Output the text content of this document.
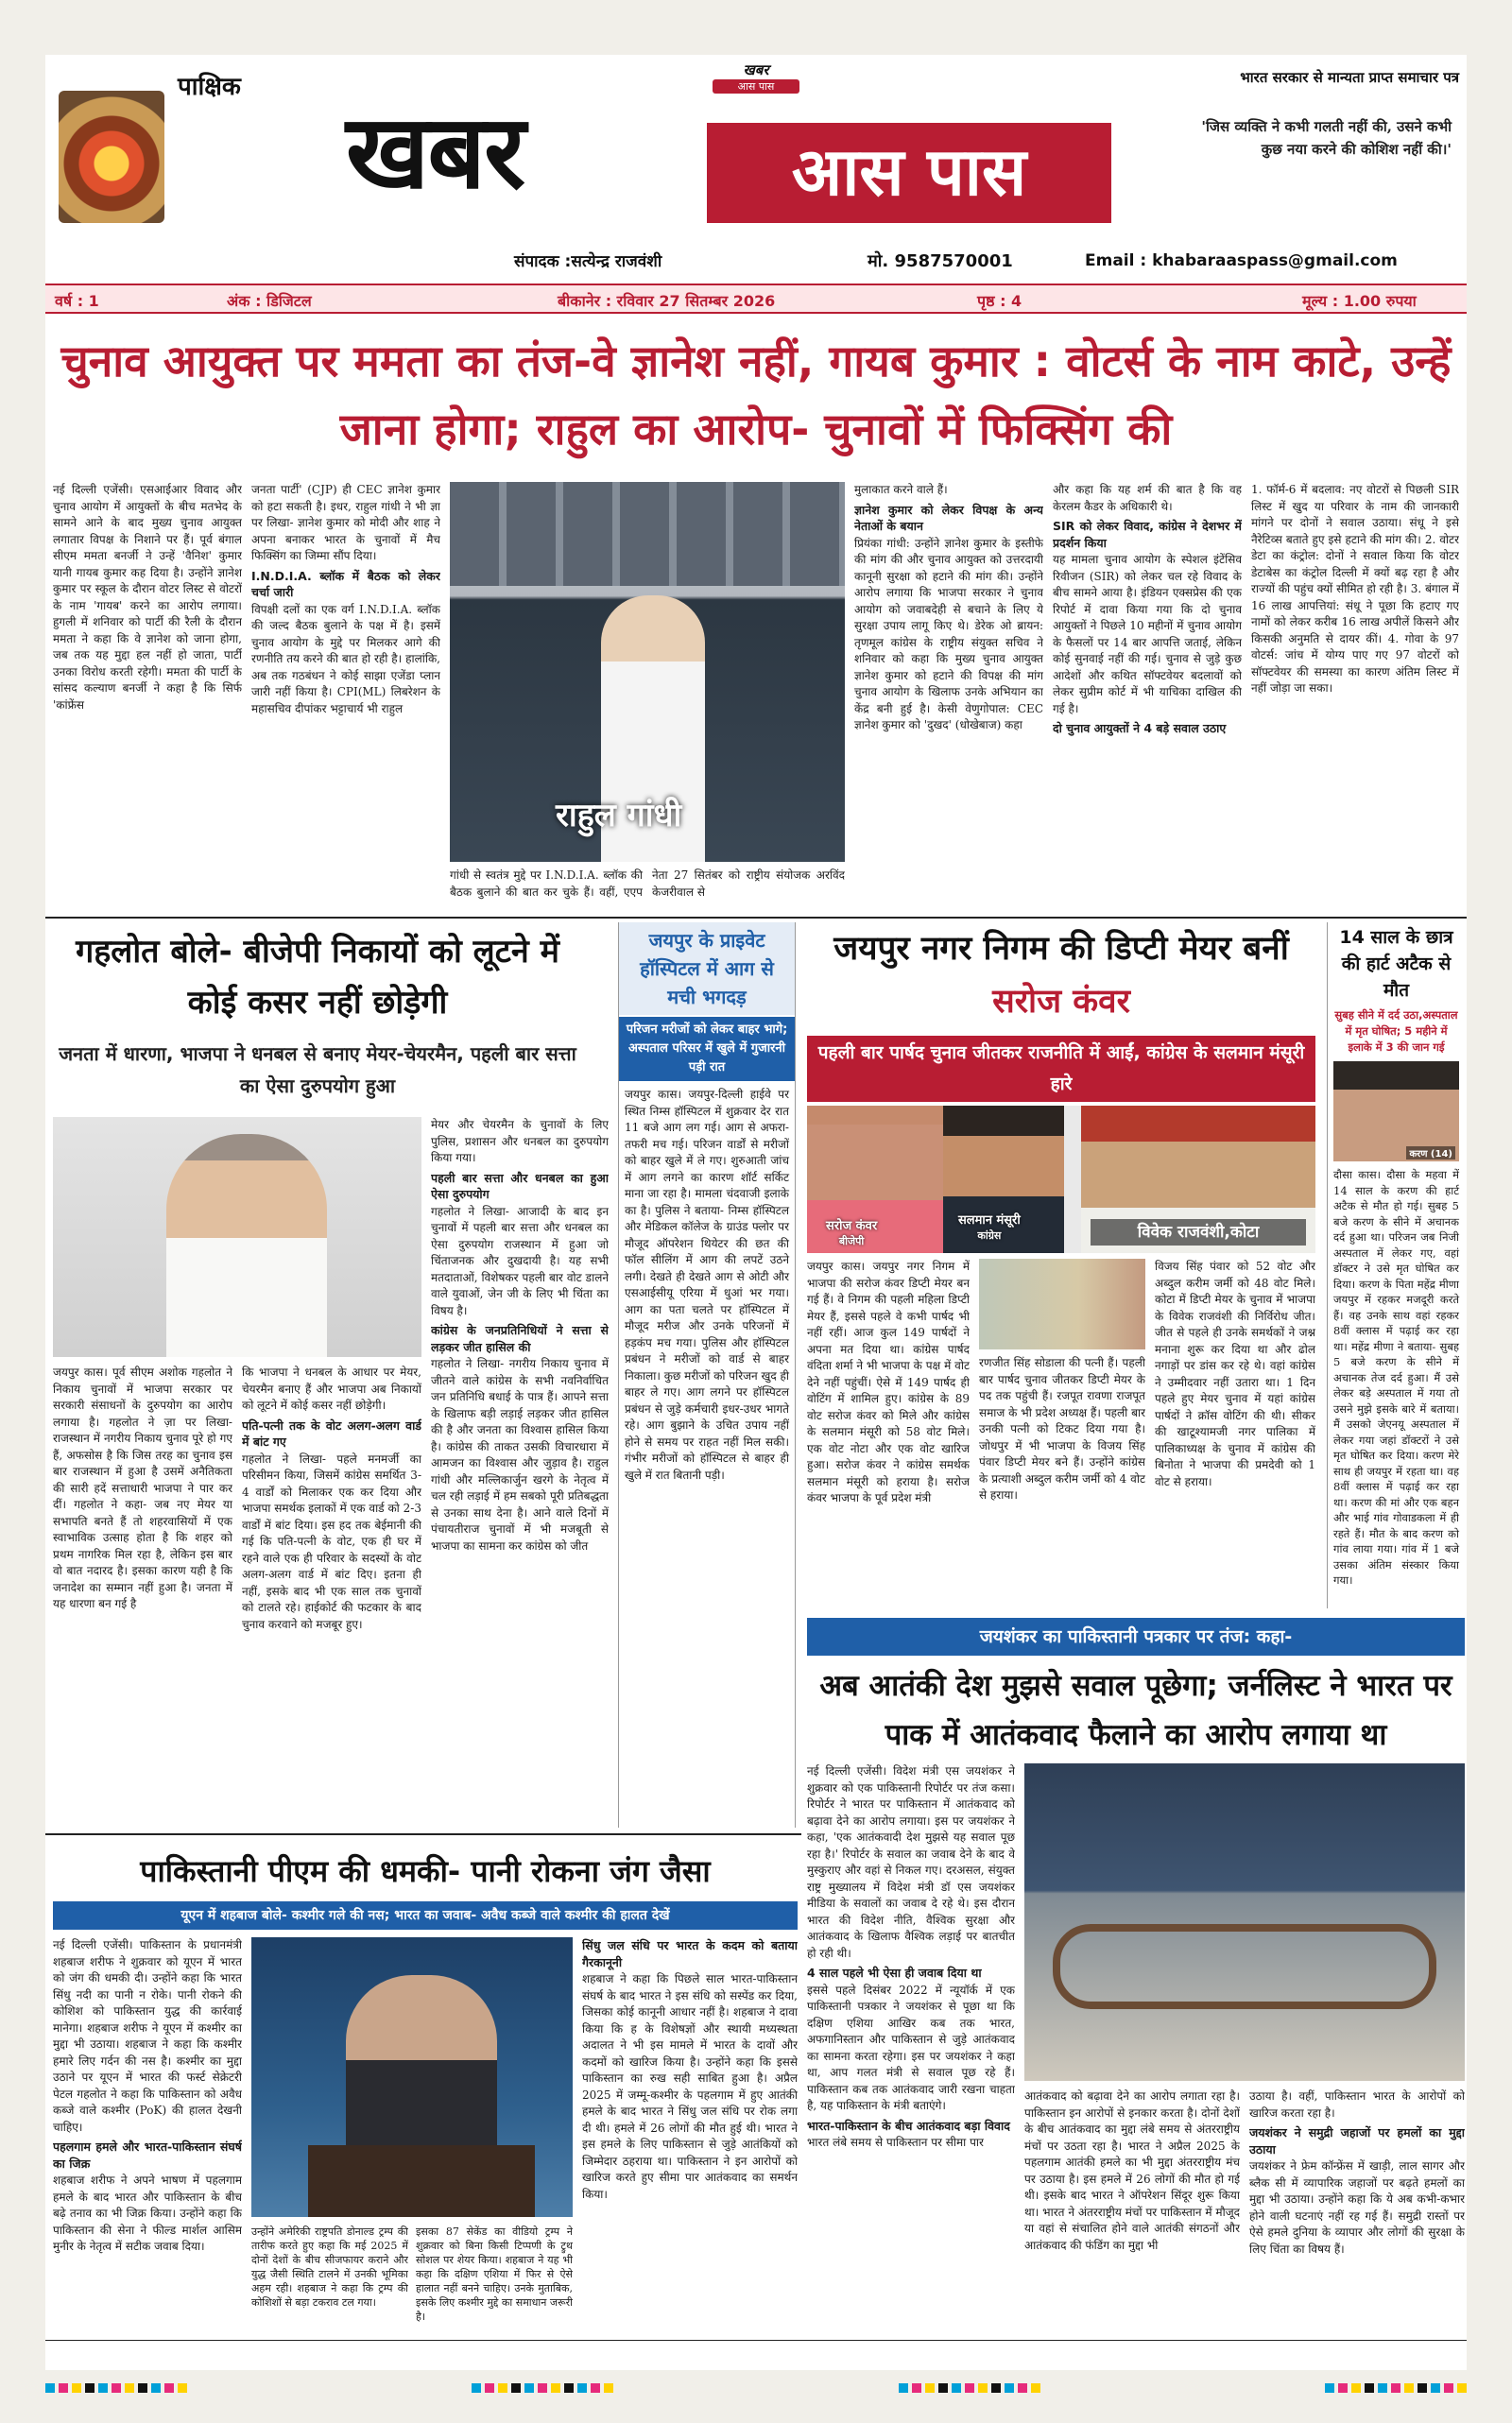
पाक्षिक
खबर
खबर
आस पास
आस पास
भारत सरकार से मान्यता प्राप्त समाचार पत्र
'जिस व्यक्ति ने कभी गलती नहीं की, उसने कभी कुछ नया करने की कोशिश नहीं की।'
संपादक :सत्येन्द्र राजवंशी	मो. 9587570001	Email : khabaraaspass@gmail.com
वर्ष : 1	अंक : डिजिटल	बीकानेर : रविवार 27 सितम्बर 2026	पृष्ठ : 4	मूल्य : 1.00 रुपया
चुनाव आयुक्त पर ममता का तंज-वे ज्ञानेश नहीं, गायब कुमार : वोटर्स के नाम काटे, उन्हें जाना होगा; राहुल का आरोप- चुनावों में फिक्सिंग की
नई दिल्ली एजेंसी। एसआईआर विवाद और चुनाव आयोग में आयुक्तों के बीच मतभेद के सामने आने के बाद मुख्य चुनाव आयुक्त लगातार विपक्ष के निशाने पर हैं। पूर्व बंगाल सीएम ममता बनर्जी ने उन्हें 'वैनिश' कुमार यानी गायब कुमार कह दिया है। उन्होंने ज्ञानेश कुमार पर स्कूल के दौरान वोटर लिस्ट से वोटरों के नाम 'गायब' करने का आरोप लगाया। हुगली में शनिवार को पार्टी की रैली के दौरान ममता ने कहा कि वे ज्ञानेश को जाना होगा, जब तक यह मुद्दा हल नहीं हो जाता, पार्टी उनका विरोध करती रहेगी। ममता की पार्टी के सांसद कल्याण बनर्जी ने कहा है कि सिर्फ 'कांफ्रेंस
जनता पार्टी' (CJP) ही CEC ज्ञानेश कुमार को हटा सकती है। इधर, राहुल गांधी ने भी ज्ञा पर लिखा- ज्ञानेश कुमार को मोदी और शाह ने अपना बनाकर भारत के चुनावों में मैच फिक्सिंग का जिम्मा सौंप दिया।
I.N.D.I.A. ब्लॉक में बैठक को लेकर चर्चा जारी
विपक्षी दलों का एक वर्ग I.N.D.I.A. ब्लॉक की जल्द बैठक बुलाने के पक्ष में है। इसमें चुनाव आयोग के मुद्दे पर मिलकर आगे की रणनीति तय करने की बात हो रही है। हालांकि, अब तक गठबंधन ने कोई साझा एजेंडा प्लान जारी नहीं किया है। CPI(ML) लिबरेशन के महासचिव दीपांकर भट्टाचार्य भी राहुल
राहुल गांधी
गांधी से स्वतंत्र मुद्दे पर I.N.D.I.A. ब्लॉक की बैठक बुलाने की बात कर चुके हैं। वहीं, एएप नेता 27 सितंबर को राष्ट्रीय संयोजक अरविंद केजरीवाल से
मुलाकात करने वाले हैं।
ज्ञानेश कुमार को लेकर विपक्ष के अन्य नेताओं के बयान
प्रियंका गांधी: उन्होंने ज्ञानेश कुमार के इस्तीफे की मांग की और चुनाव आयुक्त को उत्तरदायी कानूनी सुरक्षा को हटाने की मांग की। उन्होंने आरोप लगाया कि भाजपा सरकार ने चुनाव आयोग को जवाबदेही से बचाने के लिए ये सुरक्षा उपाय लागू किए थे। डेरेक ओ ब्रायन: तृणमूल कांग्रेस के राष्ट्रीय संयुक्त सचिव ने शनिवार को कहा कि मुख्य चुनाव आयुक्त ज्ञानेश कुमार को हटाने की विपक्ष की मांग चुनाव आयोग के खिलाफ उनके अभियान का केंद्र बनी हुई है। केसी वेणुगोपाल: CEC ज्ञानेश कुमार को 'दुखद' (धोखेबाज) कहा
और कहा कि यह शर्म की बात है कि वह केरलम कैडर के अधिकारी थे।
SIR को लेकर विवाद, कांग्रेस ने देशभर में प्रदर्शन किया
यह मामला चुनाव आयोग के स्पेशल इंटेंसिव रिवीजन (SIR) को लेकर चल रहे विवाद के बीच सामने आया है। इंडियन एक्सप्रेस की एक रिपोर्ट में दावा किया गया कि दो चुनाव आयुक्तों ने पिछले 10 महीनों में चुनाव आयोग के फैसलों पर 14 बार आपत्ति जताई, लेकिन कोई सुनवाई नहीं की गई। चुनाव से जुड़े कुछ आदेशों और कथित सॉफ्टवेयर बदलावों को लेकर सुप्रीम कोर्ट में भी याचिका दाखिल की गई है।
दो चुनाव आयुक्तों ने 4 बड़े सवाल उठाए
1. फॉर्म-6 में बदलाव: नए वोटरों से पिछली SIR लिस्ट में खुद या परिवार के नाम की जानकारी मांगने पर दोनों ने सवाल उठाया। संधू ने इसे नैरेटिव्स बताते हुए इसे हटाने की मांग की। 2. वोटर डेटा का कंट्रोल: दोनों ने सवाल किया कि वोटर डेटाबेस का कंट्रोल दिल्ली में क्यों बढ़ रहा है और राज्यों की पहुंच क्यों सीमित हो रही है। 3. बंगाल में 16 लाख आपत्तियां: संधू ने पूछा कि हटाए गए नामों को लेकर करीब 16 लाख अपीलें किसने और किसकी अनुमति से दायर कीं। 4. गोवा के 97 वोटर्स: जांच में योग्य पाए गए 97 वोटरों को सॉफ्टवेयर की समस्या का कारण अंतिम लिस्ट में नहीं जोड़ा जा सका।
गहलोत बोले- बीजेपी निकायों को लूटने में कोई कसर नहीं छोड़ेगी
जनता में धारणा, भाजपा ने धनबल से बनाए मेयर-चेयरमैन, पहली बार सत्ता का ऐसा दुरुपयोग हुआ
जयपुर कास। पूर्व सीएम अशोक गहलोत ने निकाय चुनावों में भाजपा सरकार पर सरकारी संसाधनों के दुरुपयोग का आरोप लगाया है। गहलोत ने ज़ा पर लिखा- राजस्थान में नगरीय निकाय चुनाव पूरे हो गए हैं, अफसोस है कि जिस तरह का चुनाव इस बार राजस्थान में हुआ है उसमें अनैतिकता की सारी हदें सत्ताधारी भाजपा ने पार कर दीं। गहलोत ने कहा- जब नए मेयर या सभापति बनते हैं तो शहरवासियों में एक स्वाभाविक उत्साह होता है कि शहर को प्रथम नागरिक मिल रहा है, लेकिन इस बार वो बात नदारद है। इसका कारण यही है कि जनादेश का सम्मान नहीं हुआ है। जनता में यह धारणा बन गई है
कि भाजपा ने धनबल के आधार पर मेयर, चेयरमैन बनाए हैं और भाजपा अब निकायों को लूटने में कोई कसर नहीं छोड़ेगी।
पति-पत्नी तक के वोट अलग-अलग वार्ड में बांट गए
गहलोत ने लिखा- पहले मनमर्जी का परिसीमन किया, जिसमें कांग्रेस समर्थित 3-4 वार्डों को मिलाकर एक कर दिया और भाजपा समर्थक इलाकों में एक वार्ड को 2-3 वार्डों में बांट दिया। इस हद तक बेईमानी की गई कि पति-पत्नी के वोट, एक ही घर में रहने वाले एक ही परिवार के सदस्यों के वोट अलग-अलग वार्ड में बांट दिए। इतना ही नहीं, इसके बाद भी एक साल तक चुनावों को टालते रहे। हाईकोर्ट की फटकार के बाद चुनाव करवाने को मजबूर हुए।
मेयर और चेयरमैन के चुनावों के लिए पुलिस, प्रशासन और धनबल का दुरुपयोग किया गया।
पहली बार सत्ता और धनबल का हुआ ऐसा दुरुपयोग
गहलोत ने लिखा- आजादी के बाद इन चुनावों में पहली बार सत्ता और धनबल का ऐसा दुरुपयोग राजस्थान में हुआ जो चिंताजनक और दुखदायी है। यह सभी मतदाताओं, विशेषकर पहली बार वोट डालने वाले युवाओं, जेन जी के लिए भी चिंता का विषय है।
कांग्रेस के जनप्रतिनिधियों ने सत्ता से लड़कर जीत हासिल की
गहलोत ने लिखा- नगरीय निकाय चुनाव में जीतने वाले कांग्रेस के सभी नवनिर्वाचित जन प्रतिनिधि बधाई के पात्र हैं। आपने सत्ता के खिलाफ बड़ी लड़ाई लड़कर जीत हासिल की है और जनता का विश्वास हासिल किया है। कांग्रेस की ताकत उसकी विचारधारा में आमजन का विश्वास और जुड़ाव है। राहुल गांधी और मल्लिकार्जुन खरगे के नेतृत्व में चल रही लड़ाई में हम सबको पूरी प्रतिबद्धता से उनका साथ देना है। आने वाले दिनों में पंचायतीराज चुनावों में भी मजबूती से भाजपा का सामना कर कांग्रेस को जीत
जयपुर के प्राइवेट हॉस्पिटल में आग से मची भगदड़
परिजन मरीजों को लेकर बाहर भागे; अस्पताल परिसर में खुले में गुजारनी पड़ी रात
जयपुर कास। जयपुर-दिल्ली हाईवे पर स्थित निम्स हॉस्पिटल में शुक्रवार देर रात 11 बजे आग लग गई। आग से अफरा-तफरी मच गई। परिजन वार्डों से मरीजों को बाहर खुले में ले गए। शुरुआती जांच में आग लगने का कारण शॉर्ट सर्किट माना जा रहा है। मामला चंदवाजी इलाके का है। पुलिस ने बताया- निम्स हॉस्पिटल और मेडिकल कॉलेज के ग्राउंड फ्लोर पर मौजूद ऑपरेशन थियेटर की छत की फॉल सीलिंग में आग की लपटें उठने लगी। देखते ही देखते आग से ओटी और एसआईसीयू एरिया में धुआं भर गया। आग का पता चलते पर हॉस्पिटल में मौजूद मरीज और उनके परिजनों में हड़कंप मच गया। पुलिस और हॉस्पिटल प्रबंधन ने मरीजों को वार्ड से बाहर निकाला। कुछ मरीजों को परिजन खुद ही बाहर ले गए। आग लगने पर हॉस्पिटल प्रबंधन से जुड़े कर्मचारी इधर-उधर भागते रहे। आग बुझाने के उचित उपाय नहीं होने से समय पर राहत नहीं मिल सकी। गंभीर मरीजों को हॉस्पिटल से बाहर ही खुले में रात बितानी पड़ी।
जयपुर नगर निगम की डिप्टी मेयर बनीं सरोज कंवर
पहली बार पार्षद चुनाव जीतकर राजनीति में आईं, कांग्रेस के सलमान मंसूरी हारे
सरोज कंवर
बीजेपी
सलमान मंसूरी
कांग्रेस	विवेक राजवंशी,कोटा
जयपुर कास। जयपुर नगर निगम में भाजपा की सरोज कंवर डिप्टी मेयर बन गई हैं। वे निगम की पहली महिला डिप्टी मेयर हैं, इससे पहले वे कभी पार्षद भी नहीं रहीं। आज कुल 149 पार्षदों ने अपना मत दिया था। कांग्रेस पार्षद वंदिता शर्मा ने भी भाजपा के पक्ष में वोट देने नहीं पहुंचीं। ऐसे में 149 पार्षद ही वोटिंग में शामिल हुए। कांग्रेस के 89 वोट सरोज कंवर को मिले और कांग्रेस के सलमान मंसूरी को 58 वोट मिले। एक वोट नोटा और एक वोट खारिज हुआ। सरोज कंवर ने कांग्रेस समर्थक सलमान मंसूरी को हराया है। सरोज कंवर भाजपा के पूर्व प्रदेश मंत्री
रणजीत सिंह सोडाला की पत्नी हैं। पहली बार पार्षद चुनाव जीतकर डिप्टी मेयर के पद तक पहुंची हैं। रजपूत रावणा राजपूत समाज के भी प्रदेश अध्यक्ष हैं। पहली बार उनकी पत्नी को टिकट दिया गया है। जोधपुर में भी भाजपा के विजय सिंह पंवार डिप्टी मेयर बने हैं। उन्होंने कांग्रेस के प्रत्याशी अब्दुल करीम जर्मी को 4 वोट से हराया।
विजय सिंह पंवार को 52 वोट और अब्दुल करीम जर्मी को 48 वोट मिले। कोटा में डिप्टी मेयर के चुनाव में भाजपा के विवेक राजवंशी की निर्विरोध जीत। जीत से पहले ही उनके समर्थकों ने जश्न मनाना शुरू कर दिया था और ढोल नगाड़ों पर डांस कर रहे थे। वहां कांग्रेस ने उम्मीदवार नहीं उतारा था। 1 दिन पहले हुए मेयर चुनाव में यहां कांग्रेस पार्षदों ने क्रॉस वोटिंग की थी। सीकर की खाटूश्यामजी नगर पालिका में पालिकाध्यक्ष के चुनाव में कांग्रेस की बिनोता ने भाजपा की प्रमदेवी को 1 वोट से हराया।
14 साल के छात्र की हार्ट अटैक से मौत
सुबह सीने में दर्द उठा,अस्पताल में मृत घोषित; 5 महीने में इलाके में 3 की जान गई
करण (14)
दौसा कास। दौसा के महवा में 14 साल के करण की हार्ट अटैक से मौत हो गई। सुबह 5 बजे करण के सीने में अचानक दर्द हुआ था। परिजन जब निजी अस्पताल में लेकर गए, वहां डॉक्टर ने उसे मृत घोषित कर दिया। करण के पिता महेंद्र मीणा जयपुर में रहकर मजदूरी करते हैं। वह उनके साथ वहां रहकर 8वीं क्लास में पढ़ाई कर रहा था। महेंद्र मीणा ने बताया- सुबह 5 बजे करण के सीने में अचानक तेज दर्द हुआ। मैं उसे लेकर बड़े अस्पताल में गया तो उसने मुझे इसके बारे में बताया। मैं उसको जेएनयू अस्पताल में लेकर गया जहां डॉक्टरों ने उसे मृत घोषित कर दिया। करण मेरे साथ ही जयपुर में रहता था। वह 8वीं क्लास में पढ़ाई कर रहा था। करण की मां और एक बहन और भाई गांव गोवाडकला में ही रहते हैं। मौत के बाद करण को गांव लाया गया। गांव में 1 बजे उसका अंतिम संस्कार किया गया।
जयशंकर का पाकिस्तानी पत्रकार पर तंज: कहा-
अब आतंकी देश मुझसे सवाल पूछेगा; जर्नलिस्ट ने भारत पर पाक में आतंकवाद फैलाने का आरोप लगाया था
नई दिल्ली एजेंसी। विदेश मंत्री एस जयशंकर ने शुक्रवार को एक पाकिस्तानी रिपोर्टर पर तंज कसा। रिपोर्टर ने भारत पर पाकिस्तान में आतंकवाद को बढ़ावा देने का आरोप लगाया। इस पर जयशंकर ने कहा, 'एक आतंकवादी देश मुझसे यह सवाल पूछ रहा है।' रिपोर्टर के सवाल का जवाब देने के बाद वे मुस्कुराए और वहां से निकल गए। दरअसल, संयुक्त राष्ट्र मुख्यालय में विदेश मंत्री डॉ एस जयशंकर मीडिया के सवालों का जवाब दे रहे थे। इस दौरान भारत की विदेश नीति, वैश्विक सुरक्षा और आतंकवाद के खिलाफ वैश्विक लड़ाई पर बातचीत हो रही थी।
4 साल पहले भी ऐसा ही जवाब दिया था
इससे पहले दिसंबर 2022 में न्यूयॉर्क में एक पाकिस्तानी पत्रकार ने जयशंकर से पूछा था कि दक्षिण एशिया आखिर कब तक भारत, अफगानिस्तान और पाकिस्तान से जुड़े आतंकवाद का सामना करता रहेगा। इस पर जयशंकर ने कहा था, आप गलत मंत्री से सवाल पूछ रहे हैं। पाकिस्तान कब तक आतंकवाद जारी रखना चाहता है, यह पाकिस्तान के मंत्री बताएंगे।
भारत-पाकिस्तान के बीच आतंकवाद बड़ा विवाद
भारत लंबे समय से पाकिस्तान पर सीमा पार
आतंकवाद को बढ़ावा देने का आरोप लगाता रहा है। पाकिस्तान इन आरोपों से इनकार करता है। दोनों देशों के बीच आतंकवाद का मुद्दा लंबे समय से अंतरराष्ट्रीय मंचों पर उठता रहा है। भारत ने अप्रैल 2025 के पहलगाम आतंकी हमले का भी मुद्दा अंतरराष्ट्रीय मंच पर उठाया है। इस हमले में 26 लोगों की मौत हो गई थी। इसके बाद भारत ने ऑपरेशन सिंदूर शुरू किया था। भारत ने अंतरराष्ट्रीय मंचों पर पाकिस्तान में मौजूद या वहां से संचालित होने वाले आतंकी संगठनों और आतंकवाद की फंडिंग का मुद्दा भी
उठाया है। वहीं, पाकिस्तान भारत के आरोपों को खारिज करता रहा है।
जयशंकर ने समुद्री जहाजों पर हमलों का मुद्दा उठाया
जयशंकर ने फ्रेम कॉन्फ्रेंस में खाड़ी, लाल सागर और ब्लैक सी में व्यापारिक जहाजों पर बढ़ते हमलों का मुद्दा भी उठाया। उन्होंने कहा कि ये अब कभी-कभार होने वाली घटनाएं नहीं रह गई हैं। समुद्री रास्तों पर ऐसे हमले दुनिया के व्यापार और लोगों की सुरक्षा के लिए चिंता का विषय हैं।
पाकिस्तानी पीएम की धमकी- पानी रोकना जंग जैसा
यूएन में शहबाज बोले- कश्मीर गले की नस; भारत का जवाब- अवैध कब्जे वाले कश्मीर की हालत देखें
नई दिल्ली एजेंसी। पाकिस्तान के प्रधानमंत्री शहबाज शरीफ ने शुक्रवार को यूएन में भारत को जंग की धमकी दी। उन्होंने कहा कि भारत सिंधु नदी का पानी न रोके। पानी रोकने की कोशिश को पाकिस्तान युद्ध की कार्रवाई मानेगा। शहबाज शरीफ ने यूएन में कश्मीर का मुद्दा भी उठाया। शहबाज ने कहा कि कश्मीर हमारे लिए गर्दन की नस है। कश्मीर का मुद्दा उठाने पर यूएन में भारत की फर्स्ट सेक्रेटरी पेटल गहलोत ने कहा कि पाकिस्तान को अवैध कब्जे वाले कश्मीर (PoK) की हालत देखनी चाहिए।
पहलगाम हमले और भारत-पाकिस्तान संघर्ष का जिक्र
शहबाज शरीफ ने अपने भाषण में पहलगाम हमले के बाद भारत और पाकिस्तान के बीच बढ़े तनाव का भी जिक्र किया। उन्होंने कहा कि पाकिस्तान की सेना ने फील्ड मार्शल आसिम मुनीर के नेतृत्व में सटीक जवाब दिया।
उन्होंने अमेरिकी राष्ट्रपति डोनाल्ड ट्रम्प की तारीफ करते हुए कहा कि मई 2025 में दोनों देशों के बीच सीजफायर कराने और युद्ध जैसी स्थिति टालने में उनकी भूमिका अहम रही। शहबाज ने कहा कि ट्रम्प की कोशिशों से बड़ा टकराव टल गया।
इसका 87 सेकेंड का वीडियो ट्रम्प ने शुक्रवार को बिना किसी टिप्पणी के ट्रुथ सोशल पर शेयर किया। शहबाज ने यह भी कहा कि दक्षिण एशिया में फिर से ऐसे हालात नहीं बनने चाहिए। उनके मुताबिक, इसके लिए कश्मीर मुद्दे का समाधान जरूरी है।
सिंधु जल संधि पर भारत के कदम को बताया गैरकानूनी
शहबाज ने कहा कि पिछले साल भारत-पाकिस्तान संघर्ष के बाद भारत ने इस संधि को सस्पेंड कर दिया, जिसका कोई कानूनी आधार नहीं है। शहबाज ने दावा किया कि ह के विशेषज्ञों और स्थायी मध्यस्थता अदालत ने भी इस मामले में भारत के दावों और कदमों को खारिज किया है। उन्होंने कहा कि इससे पाकिस्तान का रुख सही साबित हुआ है। अप्रैल 2025 में जम्मू-कश्मीर के पहलगाम में हुए आतंकी हमले के बाद भारत ने सिंधु जल संधि पर रोक लगा दी थी। हमले में 26 लोगों की मौत हुई थी। भारत ने इस हमले के लिए पाकिस्तान से जुड़े आतंकियों को जिम्मेदार ठहराया था। पाकिस्तान ने इन आरोपों को खारिज करते हुए सीमा पार आतंकवाद का समर्थन किया।
